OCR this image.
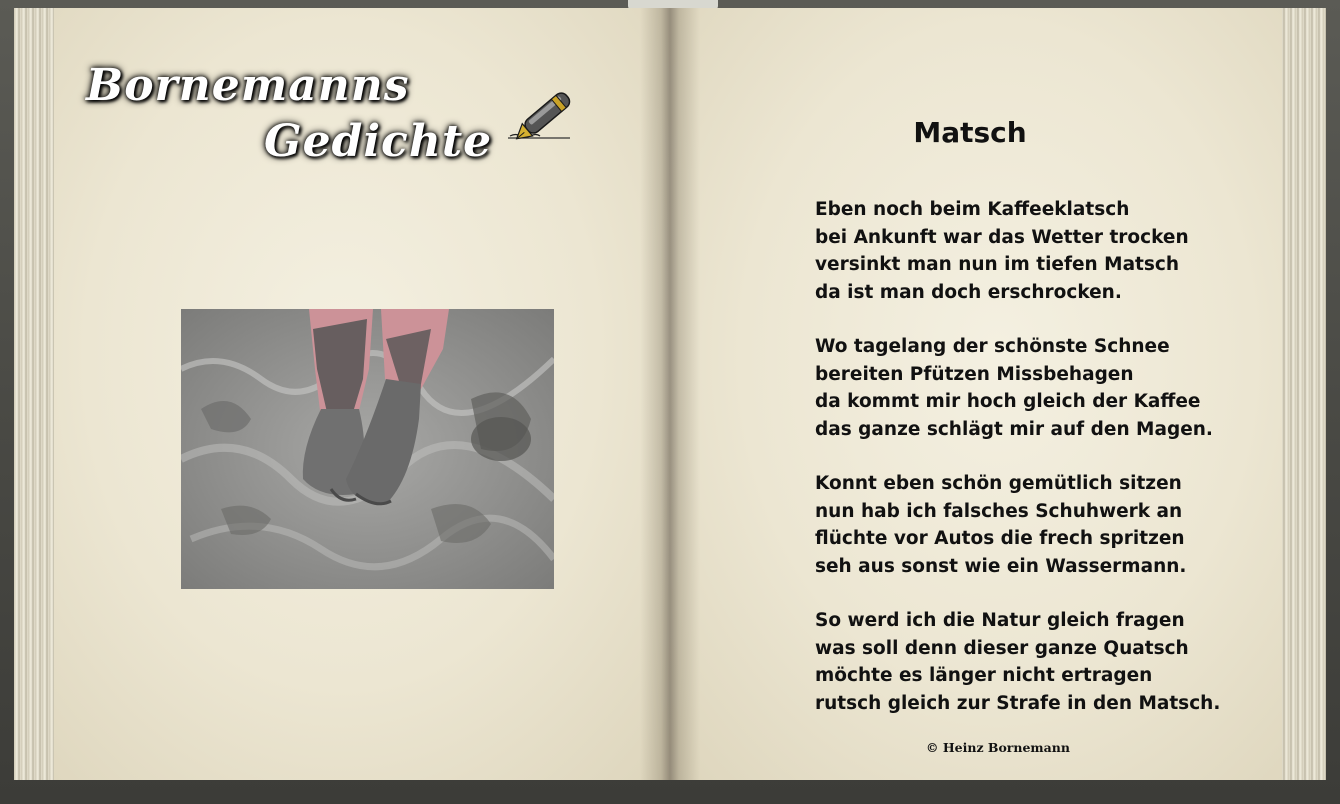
Bornemanns
Gedichte	Matsch
Eben noch beim Kaffeeklatsch
bei Ankunft war das Wetter trocken
versinkt man nun im tiefen Matsch
da ist man doch erschrocken.
Wo tagelang der schönste Schnee
bereiten Pfützen Missbehagen
da kommt mir hoch gleich der Kaffee
das ganze schlägt mir auf den Magen.
Konnt eben schön gemütlich sitzen
nun hab ich falsches Schuhwerk an
flüchte vor Autos die frech spritzen
seh aus sonst wie ein Wassermann.
So werd ich die Natur gleich fragen
was soll denn dieser ganze Quatsch
möchte es länger nicht ertragen
rutsch gleich zur Strafe in den Matsch.
© Heinz Bornemann
